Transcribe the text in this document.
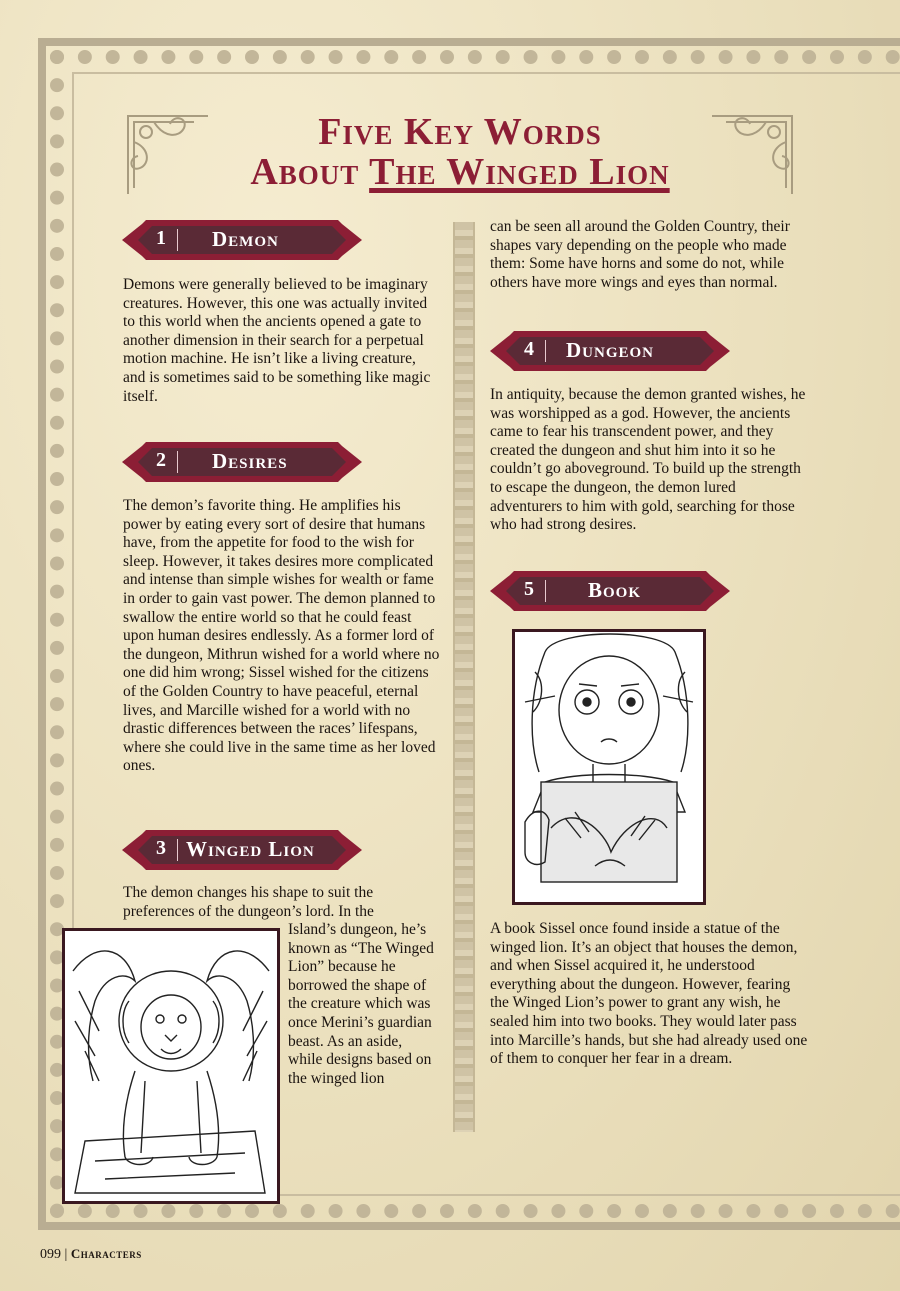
Five Key Words
About The Winged Lion
1 Demon

Demons were generally believed to be imaginary creatures. However, this one was actually invited to this world when the ancients opened a gate to another dimension in their search for a perpetual motion machine. He isn’t like a living creature, and is sometimes said to be something like magic itself.

2 Desires

The demon’s favorite thing. He amplifies his power by eating every sort of desire that humans have, from the appetite for food to the wish for sleep. However, it takes desires more complicated and intense than simple wishes for wealth or fame in order to gain vast power. The demon planned to swallow the entire world so that he could feast upon human desires endlessly. As a former lord of the dungeon, Mithrun wished for a world where no one did him wrong; Sissel wished for the citizens of the Golden Country to have peaceful, eternal lives, and Marcille wished for a world with no drastic differences between the races’ lifespans, where she could live in the same time as her loved ones.

3 Winged Lion

The demon changes his shape to suit the preferences of the dungeon’s lord. In the

Island’s dungeon, he’s known as “The Winged Lion” because he borrowed the shape of the creature which was once Merini’s guardian beast. As an aside, while designs based on the winged lion

can be seen all around the Golden Country, their shapes vary depending on the people who made them: Some have horns and some do not, while others have more wings and eyes than normal.

4 Dungeon

In antiquity, because the demon granted wishes, he was worshipped as a god. However, the ancients came to fear his transcendent power, and they created the dungeon and shut him into it so he couldn’t go aboveground. To build up the strength to escape the dungeon, the demon lured adventurers to him with gold, searching for those who had strong desires.

5	Book

A book Sissel once found inside a statue of the winged lion. It’s an object that houses the demon, and when Sissel acquired it, he understood everything about the dungeon. However, fearing the Winged Lion’s power to grant any wish, he sealed him into two books. They would later pass into Marcille’s hands, but she had already used one of them to conquer her fear in a dream.

099 | Characters
